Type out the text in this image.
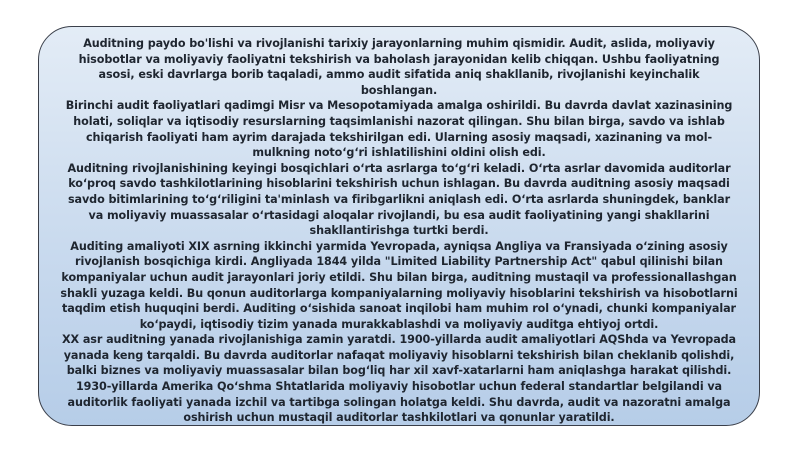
Auditning paydo bo'lishi va rivojlanishi tarixiy jarayonlarning muhim qismidir. Audit, aslida, moliyaviy hisobotlar va moliyaviy faoliyatni tekshirish va baholash jarayonidan kelib chiqqan. Ushbu faoliyatning asosi, eski davrlarga borib taqaladi, ammo audit sifatida aniq shakllanib, rivojlanishi keyinchalik boshlangan.

Birinchi audit faoliyatlari qadimgi Misr va Mesopotamiyada amalga oshirildi. Bu davrda davlat xazinasining holati, soliqlar va iqtisodiy resurslarning taqsimlanishi nazorat qilingan. Shu bilan birga, savdo va ishlab chiqarish faoliyati ham ayrim darajada tekshirilgan edi. Ularning asosiy maqsadi, xazinaning va mol-mulkning noto‘g‘ri ishlatilishini oldini olish edi.

Auditning rivojlanishining keyingi bosqichlari o‘rta asrlarga to‘g‘ri keladi. O‘rta asrlar davomida auditorlar ko‘proq savdo tashkilotlarining hisoblarini tekshirish uchun ishlagan. Bu davrda auditning asosiy maqsadi savdo bitimlarining to‘g‘riligini ta'minlash va firibgarlikni aniqlash edi. O‘rta asrlarda shuningdek, banklar va moliyaviy muassasalar o‘rtasidagi aloqalar rivojlandi, bu esa audit faoliyatining yangi shakllarini shakllantirishga turtki berdi.

Auditing amaliyoti XIX asrning ikkinchi yarmida Yevropada, ayniqsa Angliya va Fransiyada o‘zining asosiy rivojlanish bosqichiga kirdi. Angliyada 1844 yilda "Limited Liability Partnership Act" qabul qilinishi bilan kompaniyalar uchun audit jarayonlari joriy etildi. Shu bilan birga, auditning mustaqil va professionallashgan shakli yuzaga keldi. Bu qonun auditorlarga kompaniyalarning moliyaviy hisoblarini tekshirish va hisobotlarni taqdim etish huquqini berdi. Auditing o‘sishida sanoat inqilobi ham muhim rol o‘ynadi, chunki kompaniyalar ko‘paydi, iqtisodiy tizim yanada murakkablashdi va moliyaviy auditga ehtiyoj ortdi.

XX asr auditning yanada rivojlanishiga zamin yaratdi. 1900-yillarda audit amaliyotlari AQShda va Yevropada yanada keng tarqaldi. Bu davrda auditorlar nafaqat moliyaviy hisoblarni tekshirish bilan cheklanib qolishdi, balki biznes va moliyaviy muassasalar bilan bog‘liq har xil xavf-xatarlarni ham aniqlashga harakat qilishdi. 1930-yillarda Amerika Qo‘shma Shtatlarida moliyaviy hisobotlar uchun federal standartlar belgilandi va auditorlik faoliyati yanada izchil va tartibga solingan holatga keldi. Shu davrda, audit va nazoratni amalga oshirish uchun mustaqil auditorlar tashkilotlari va qonunlar yaratildi.
